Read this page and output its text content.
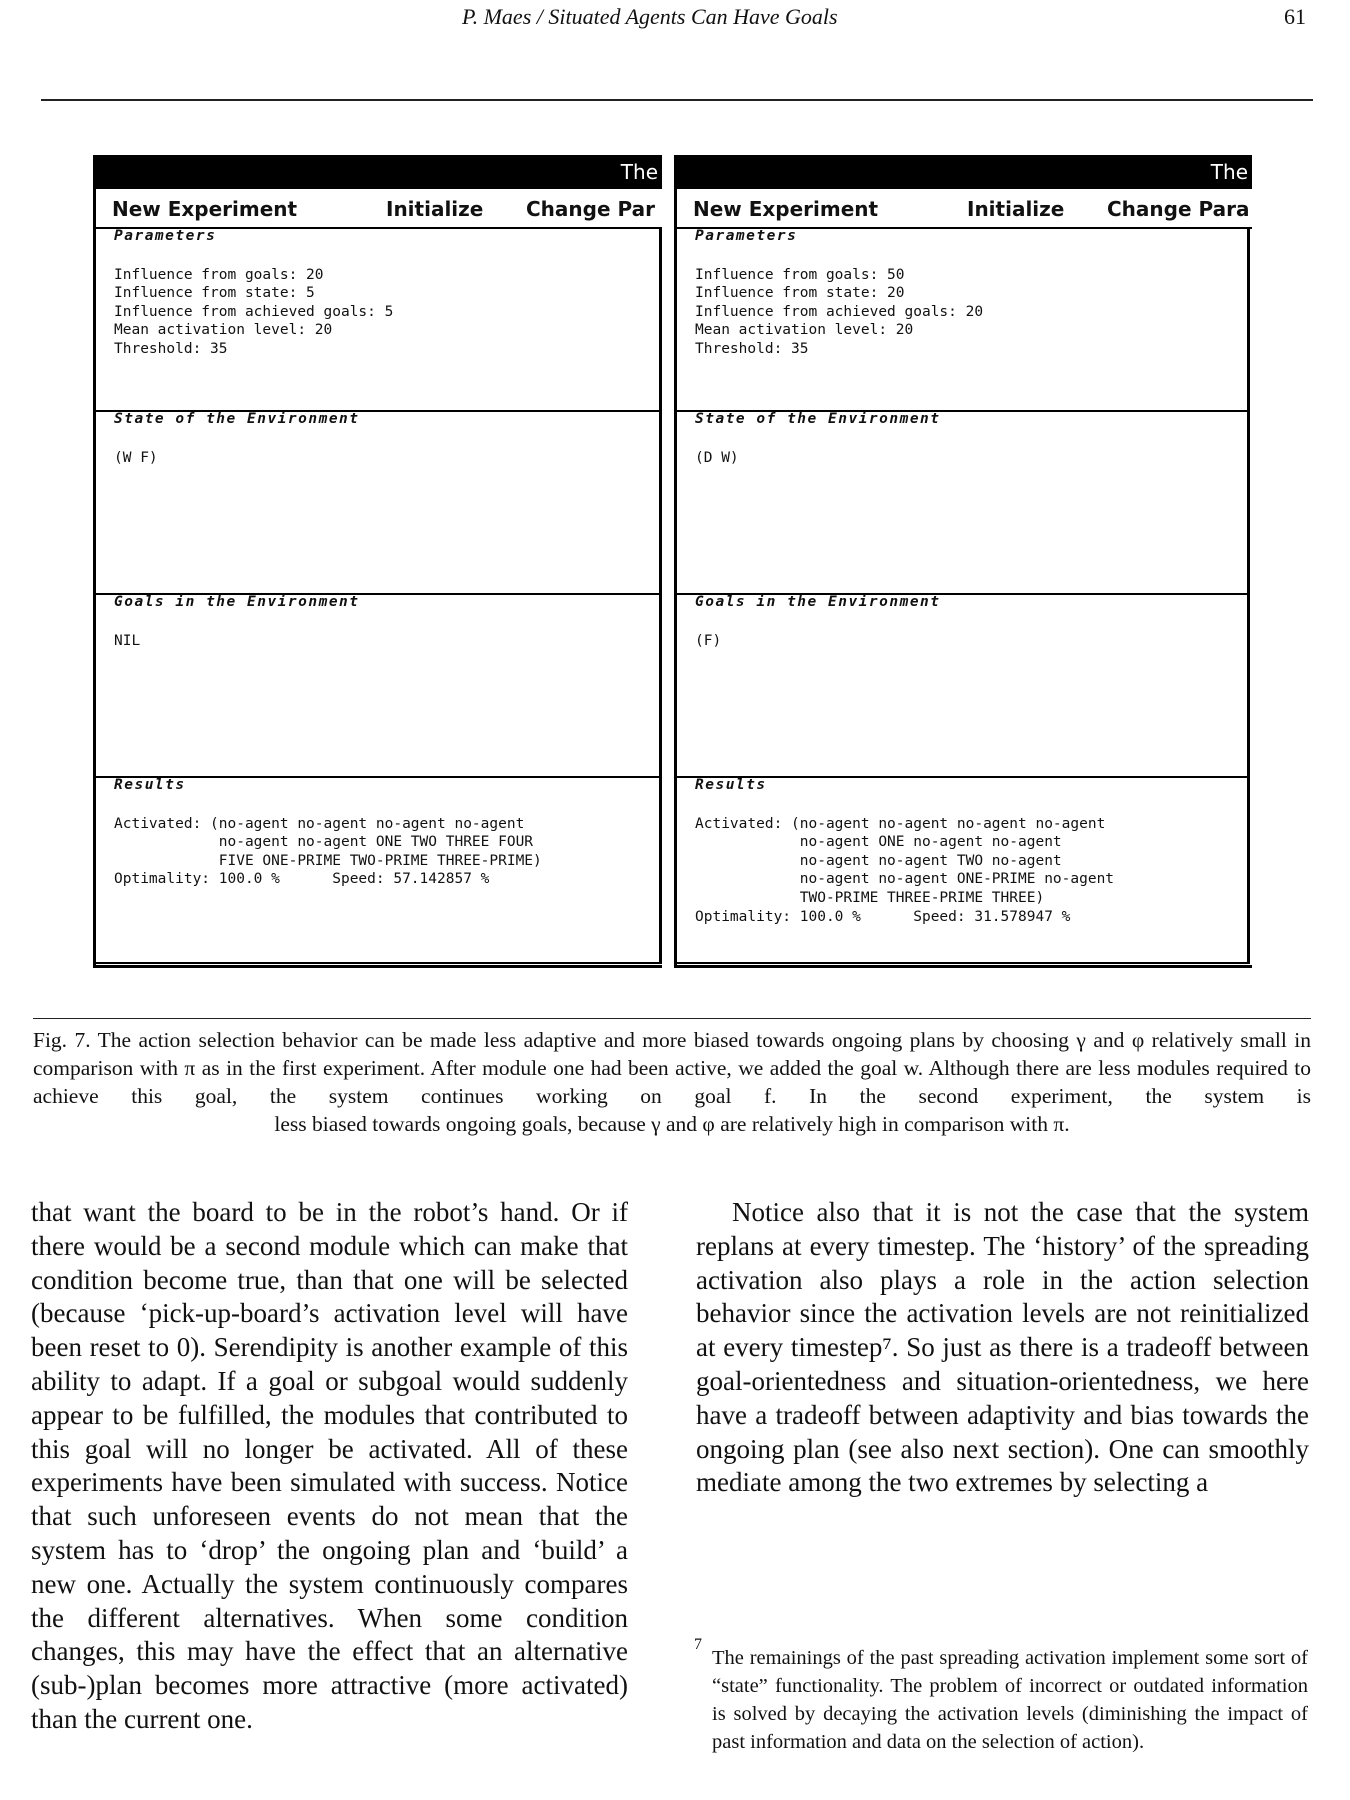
P. Maes / Situated Agents Can Have Goals	61
The
New Experiment	Initialize Change Par
Parameters
Influence from goals: 20
Influence from state: 5
Influence from achieved goals: 5
Mean activation level: 20
Threshold: 35
State of the Environment
(W F)
Goals in the Environment
NIL
Results
Activated: (no-agent no-agent no-agent no-agent
no-agent no-agent ONE TWO THREE FOUR
FIVE ONE-PRIME TWO-PRIME THREE-PRIME)
Optimality: 100.0 %      Speed: 57.142857 %
The
New Experiment	Initialize Change Para
Parameters
Influence from goals: 50
Influence from state: 20
Influence from achieved goals: 20
Mean activation level: 20
Threshold: 35
State of the Environment
(D W)
Goals in the Environment
(F)
Results
Activated: (no-agent no-agent no-agent no-agent
no-agent ONE no-agent no-agent
no-agent no-agent TWO no-agent
no-agent no-agent ONE-PRIME no-agent
TWO-PRIME THREE-PRIME THREE)
Optimality: 100.0 %      Speed: 31.578947 %
Fig. 7. The action selection behavior can be made less adaptive and more biased towards ongoing plans by choosing γ and φ relatively small in comparison with π as in the first experiment. After module one had been active, we added the goal w. Although there are less modules required to achieve this goal, the system continues working on goal f. In the second experiment, the system is
less biased towards ongoing goals, because γ and φ are relatively high in comparison with π.
that want the board to be in the robot’s hand. Or if there would be a second module which can make that condition become true, than that one will be selected (because ‘pick-up-board’s activation level will have been reset to 0). Serendipity is another example of this ability to adapt. If a goal or subgoal would suddenly appear to be fulfilled, the modules that contributed to this goal will no longer be activated. All of these experiments have been simulated with success. Notice that such unforeseen events do not mean that the system has to ‘drop’ the ongoing plan and ‘build’ a new one. Actually the system continuously compares the different alternatives. When some condition changes, this may have the effect that an alternative (sub-)plan becomes more attractive (more activated) than the current one.
Notice also that it is not the case that the system replans at every timestep. The ‘history’ of the spreading activation also plays a role in the action selection behavior since the activation levels are not reinitialized at every timestep⁷. So just as there is a tradeoff between goal-orientedness and situation-orientedness, we here have a tradeoff between adaptivity and bias towards the ongoing plan (see also next section). One can smoothly mediate among the two extremes by selecting a
7
The remainings of the past spreading activation implement some sort of “state” functionality. The problem of incorrect or outdated information is solved by decaying the activation levels (diminishing the impact of past information and data on the selection of action).
